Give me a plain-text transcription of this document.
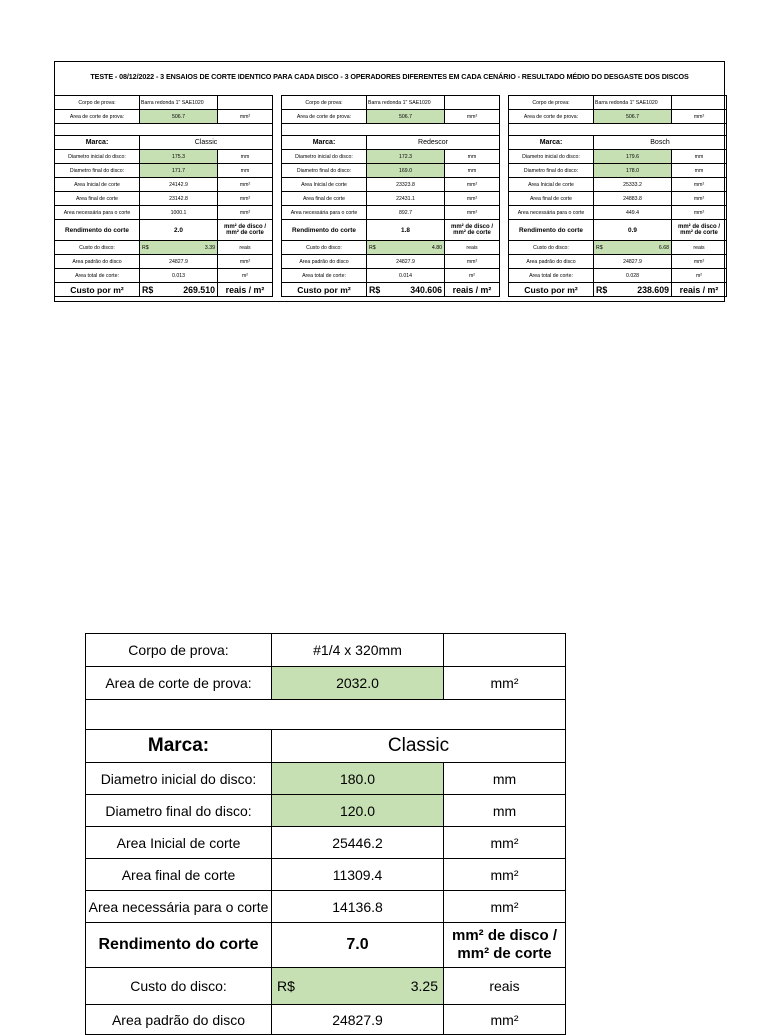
TESTE - 08/12/2022 - 3 ENSAIOS DE CORTE IDENTICO PARA CADA DISCO - 3 OPERADORES DIFERENTES EM CADA CENÁRIO - RESULTADO MÉDIO DO DESGASTE DOS DISCOS
Corpo de prova:	Barra redonda 1" SAE1020	
Area de corte de prova:	506.7	mm²

Marca:	Classic	
Diametro inicial do disco:	175.3	mm
Diametro final do disco:	171.7	mm
Area Inicial de corte	24142.9	mm²
Area final de corte	23142.8	mm²
Area necessária para o corte	1000.1	mm²
Rendimento do corte	2.0	mm² de disco / mm² de corte
Custo do disco:	R$ 3.39	reais
Area padrão do disco	24827.9	mm²
Area total de corte:	0.013	m²
Custo por m²	R$ 269.510	reais / m²
Corpo de prova:	Barra redonda 1" SAE1020	
Area de corte de prova:	506.7	mm²

Marca:	Redescor	
Diametro inicial do disco:	172.3	mm
Diametro final do disco:	169.0	mm
Area Inicial de corte	23323.8	mm²
Area final de corte	22431.1	mm²
Area necessária para o corte	892.7	mm²
Rendimento do corte	1.8	mm² de disco / mm² de corte
Custo do disco:	R$ 4.80	reais
Area padrão do disco	24827.9	mm²
Area total de corte:	0.014	m²
Custo por m²	R$ 340.606	reais / m²
Corpo de prova:	Barra redonda 1" SAE1020	
Area de corte de prova:	506.7	mm²

Marca:	Bosch	
Diametro inicial do disco:	179.6	mm
Diametro final do disco:	178.0	mm
Area Inicial de corte	25333.2	mm²
Area final de corte	24883.8	mm²
Area necessária para o corte	449.4	mm²
Rendimento do corte	0.9	mm² de disco / mm² de corte
Custo do disco:	R$ 6.68	reais
Area padrão do disco	24827.9	mm²
Area total de corte:	0.028	m²
Custo por m²	R$ 238.609	reais / m²
Corpo de prova:	#1/4 x 320mm	
Area de corte de prova:	2032.0	mm²

Marca:	Classic	
Diametro inicial do disco:	180.0	mm
Diametro final do disco:	120.0	mm
Area Inicial de corte	25446.2	mm²
Area final de corte	11309.4	mm²
Area necessária para o corte	14136.8	mm²
Rendimento do corte	7.0	mm² de disco / mm² de corte
Custo do disco:	R$ 3.25	reais
Area padrão do disco	24827.9	mm²
